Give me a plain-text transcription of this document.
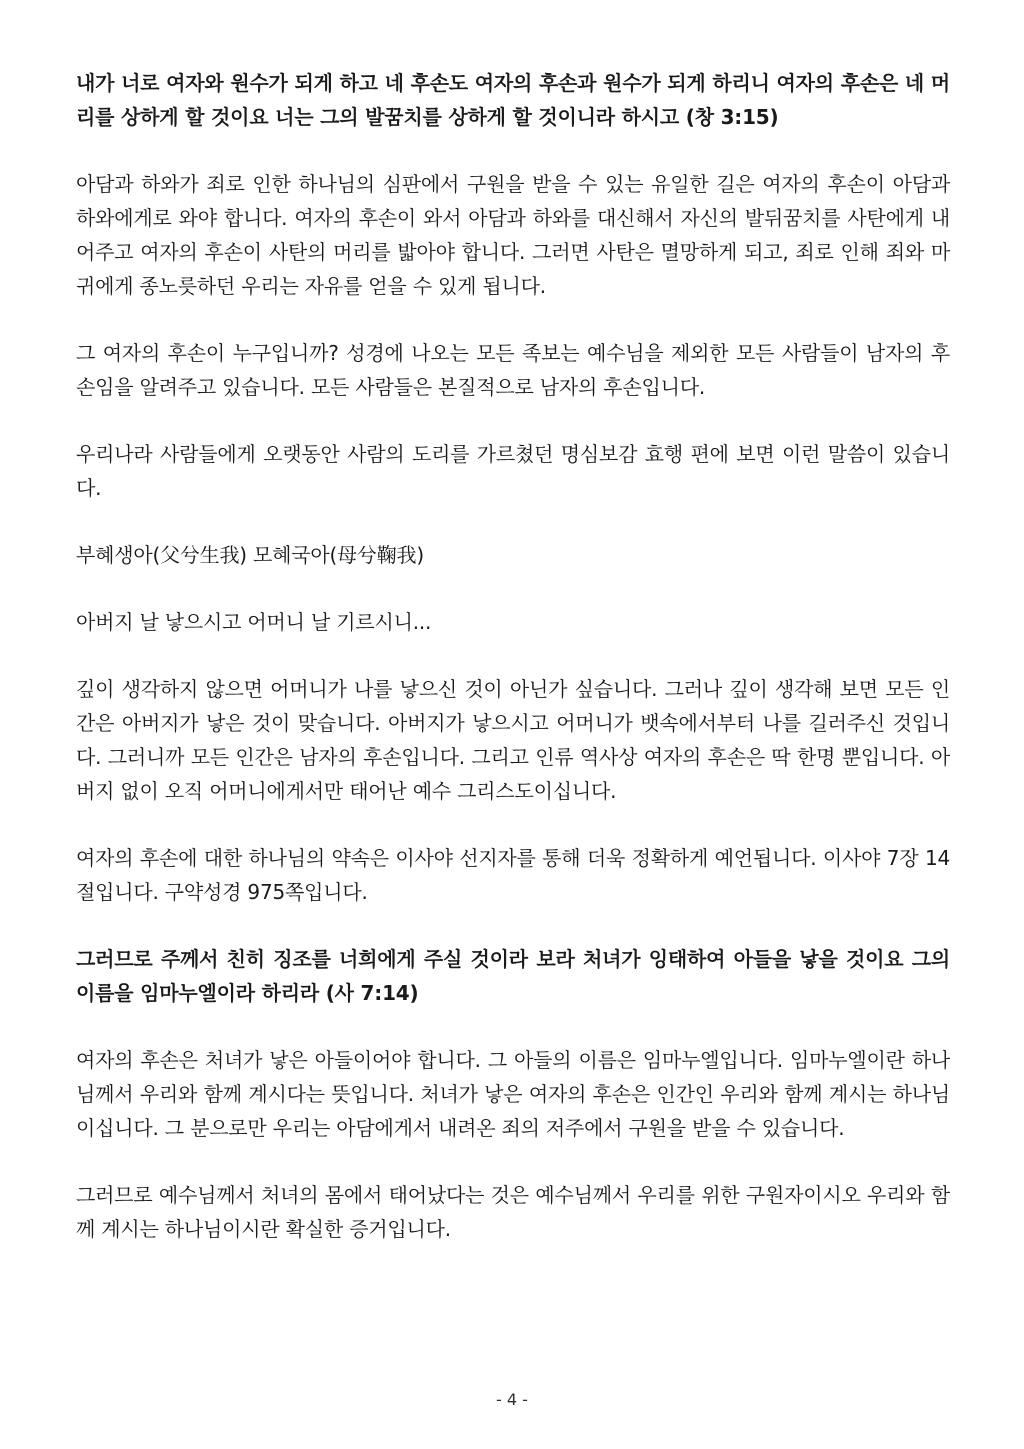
내가 너로 여자와 원수가 되게 하고 네 후손도 여자의 후손과 원수가 되게 하리니 여자의 후손은 네 머리를 상하게 할 것이요 너는 그의 발꿈치를 상하게 할 것이니라 하시고 (창 3:15)

아담과 하와가 죄로 인한 하나님의 심판에서 구원을 받을 수 있는 유일한 길은 여자의 후손이 아담과 하와에게로 와야 합니다. 여자의 후손이 와서 아담과 하와를 대신해서 자신의 발뒤꿈치를 사탄에게 내어주고 여자의 후손이 사탄의 머리를 밟아야 합니다. 그러면 사탄은 멸망하게 되고, 죄로 인해 죄와 마귀에게 종노릇하던 우리는 자유를 얻을 수 있게 됩니다.

그 여자의 후손이 누구입니까? 성경에 나오는 모든 족보는 예수님을 제외한 모든 사람들이 남자의 후손임을 알려주고 있습니다. 모든 사람들은 본질적으로 남자의 후손입니다.

우리나라 사람들에게 오랫동안 사람의 도리를 가르쳤던 명심보감 효행 편에 보면 이런 말씀이 있습니다.

부혜생아(父兮生我) 모혜국아(母兮鞠我)

아버지 날 낳으시고 어머니 날 기르시니...

깊이 생각하지 않으면 어머니가 나를 낳으신 것이 아닌가 싶습니다. 그러나 깊이 생각해 보면 모든 인간은 아버지가 낳은 것이 맞습니다. 아버지가 낳으시고 어머니가 뱃속에서부터 나를 길러주신 것입니다. 그러니까 모든 인간은 남자의 후손입니다. 그리고 인류 역사상 여자의 후손은 딱 한명 뿐입니다. 아버지 없이 오직 어머니에게서만 태어난 예수 그리스도이십니다.

여자의 후손에 대한 하나님의 약속은 이사야 선지자를 통해 더욱 정확하게 예언됩니다. 이사야 7장 14절입니다. 구약성경 975쪽입니다.

그러므로 주께서 친히 징조를 너희에게 주실 것이라 보라 처녀가 잉태하여 아들을 낳을 것이요 그의 이름을 임마누엘이라 하리라 (사 7:14)

여자의 후손은 처녀가 낳은 아들이어야 합니다. 그 아들의 이름은 임마누엘입니다. 임마누엘이란 하나님께서 우리와 함께 계시다는 뜻입니다. 처녀가 낳은 여자의 후손은 인간인 우리와 함께 계시는 하나님이십니다. 그 분으로만 우리는 아담에게서 내려온 죄의 저주에서 구원을 받을 수 있습니다.

그러므로 예수님께서 처녀의 몸에서 태어났다는 것은 예수님께서 우리를 위한 구원자이시오 우리와 함께 계시는 하나님이시란 확실한 증거입니다.

- 4 -
